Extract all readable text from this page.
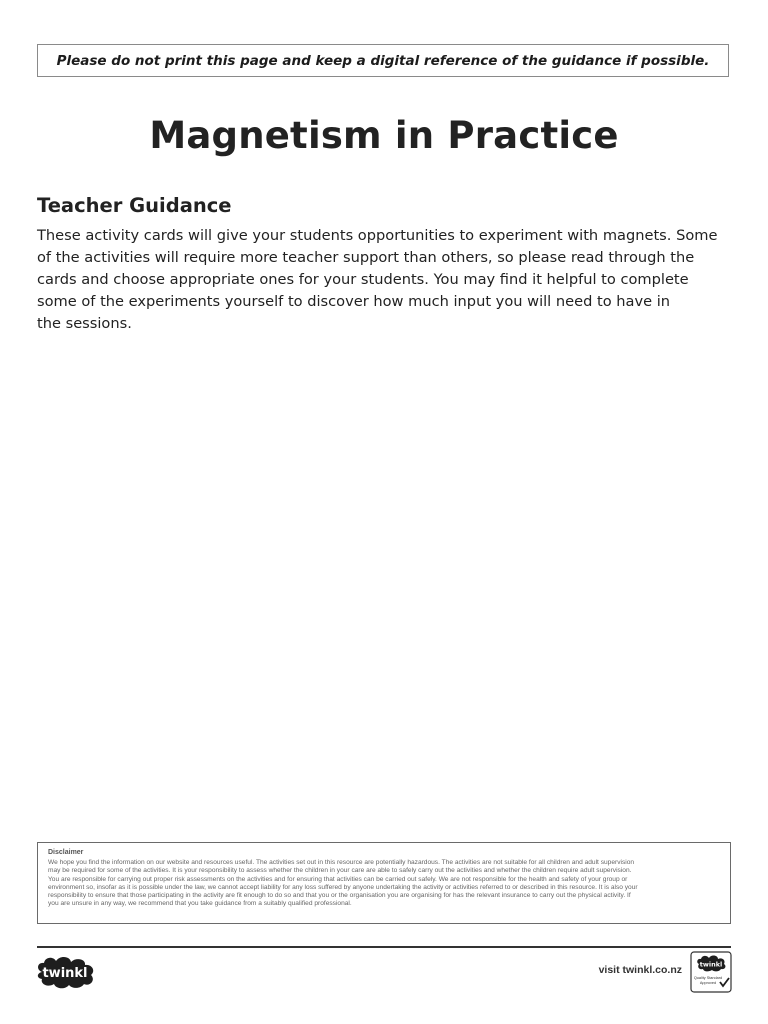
Please do not print this page and keep a digital reference of the guidance if possible.
Magnetism in Practice
Teacher Guidance

These activity cards will give your students opportunities to experiment with magnets. Some
of the activities will require more teacher support than others, so please read through the
cards and choose appropriate ones for your students. You may find it helpful to complete
some of the experiments yourself to discover how much input you will need to have in
the sessions.

Disclaimer
We hope you find the information on our website and resources useful. The activities set out in this resource are potentially hazardous. The activities are not suitable for all children and adult supervision
may be required for some of the activities. It is your responsibility to assess whether the children in your care are able to safely carry out the activities and whether the children require adult supervision.
You are responsible for carrying out proper risk assessments on the activities and for ensuring that activities can be carried out safely. We are not responsible for the health and safety of your group or
environment so, insofar as it is possible under the law, we cannot accept liability for any loss suffered by anyone undertaking the activity or activities referred to or described in this resource. It is also your
responsibility to ensure that those participating in the activity are fit enough to do so and that you or the organisation you are organising for has the relevant insurance to carry out the physical activity. If
you are unsure in any way, we recommend that you take guidance from a suitably qualified professional.
twinkl	visit twinkl.co.nz	twinkl
Quality Standard
Approved
